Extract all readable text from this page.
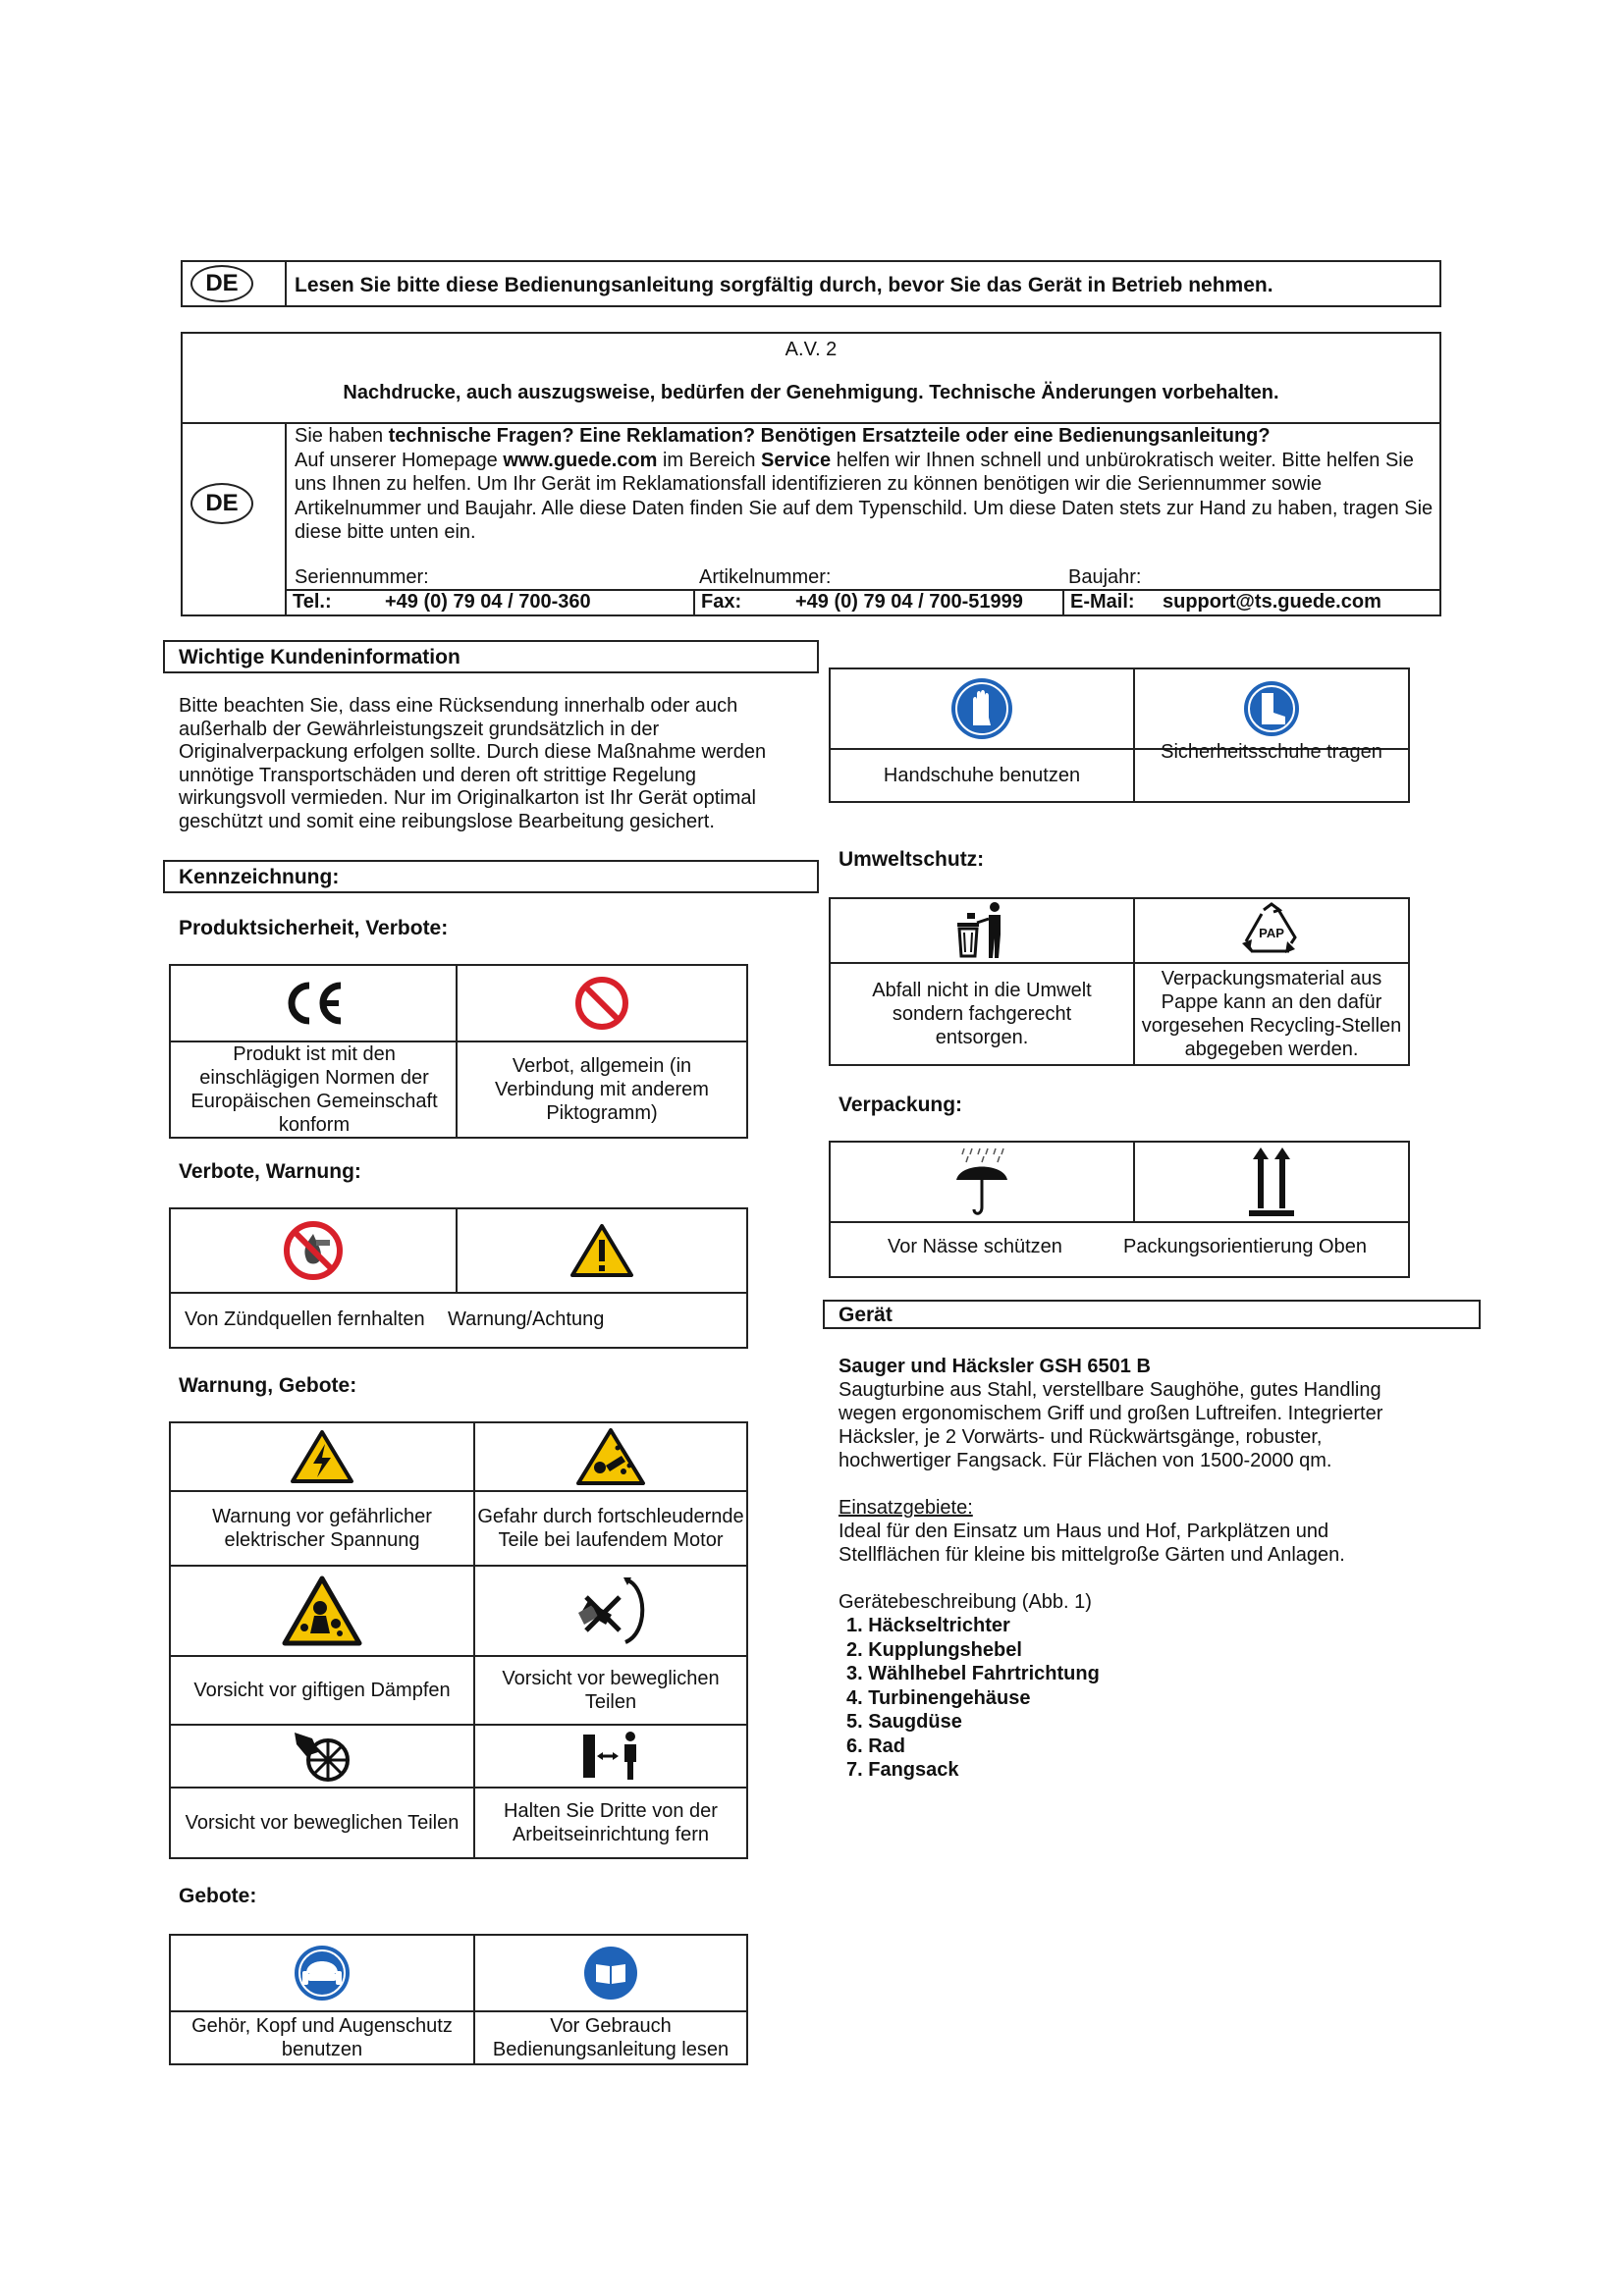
DE	Lesen Sie bitte diese Bedienungsanleitung sorgfältig durch, bevor Sie das Gerät in Betrieb nehmen.
A.V. 2
Nachdrucke, auch auszugsweise, bedürfen der Genehmigung. Technische Änderungen vorbehalten.
DE
Sie haben technische Fragen? Eine Reklamation? Benötigen Ersatzteile oder eine Bedienungsanleitung?
Auf unserer Homepage www.guede.com im Bereich Service helfen wir Ihnen schnell und unbürokratisch weiter. Bitte helfen Sie uns Ihnen zu helfen. Um Ihr Gerät im Reklamationsfall identifizieren zu können benötigen wir die Seriennummer sowie Artikelnummer und Baujahr. Alle diese Daten finden Sie auf dem Typenschild. Um diese Daten stets zur Hand zu haben, tragen Sie diese bitte unten ein.
Seriennummer:	Artikelnummer:	Baujahr:
Tel.:	+49 (0) 79 04 / 700-360	Fax:	+49 (0) 79 04 / 700-51999 E-Mail: support@ts.guede.com
Wichtige Kundeninformation
Bitte beachten Sie, dass eine Rücksendung innerhalb oder auch außerhalb der Gewährleistungszeit grundsätzlich in der Originalverpackung erfolgen sollte. Durch diese Maßnahme werden unnötige Transportschäden und deren oft strittige Regelung wirkungsvoll vermieden. Nur im Originalkarton ist Ihr Gerät optimal geschützt und somit eine reibungslose Bearbeitung gesichert.
Kennzeichnung:
Produktsicherheit, Verbote:
Produkt ist mit den einschlägigen Normen der Europäischen Gemeinschaft konform
Verbot, allgemein (in Verbindung mit anderem Piktogramm)
Verbote, Warnung:
Von Zündquellen fernhalten Warnung/Achtung
Warnung, Gebote:
Warnung vor gefährlicher elektrischer Spannung
Gefahr durch fortschleudernde Teile bei laufendem Motor
Vorsicht vor giftigen Dämpfen
Vorsicht vor beweglichen Teilen
Vorsicht vor beweglichen Teilen
Halten Sie Dritte von der Arbeitseinrichtung fern
Gebote:
Gehör, Kopf und Augenschutz benutzen
Vor Gebrauch Bedienungsanleitung lesen
Handschuhe benutzen
Sicherheitsschuhe tragen
Umweltschutz:
PAP
Abfall nicht in die Umwelt sondern fachgerecht entsorgen.
Verpackungsmaterial aus Pappe kann an den dafür vorgesehen Recycling-Stellen abgegeben werden.
Verpackung:
Vor Nässe schützen	Packungsorientierung Oben
Gerät
Sauger und Häcksler GSH 6501 B
Saugturbine aus Stahl, verstellbare Saughöhe, gutes Handling wegen ergonomischem Griff und großen Luftreifen. Integrierter Häcksler, je 2 Vorwärts- und Rückwärtsgänge, robuster, hochwertiger Fangsack. Für Flächen von 1500-2000 qm.
Einsatzgebiete:
Ideal für den Einsatz um Haus und Hof, Parkplätzen und Stellflächen für kleine bis mittelgroße Gärten und Anlagen.
Gerätebeschreibung (Abb. 1)
1. Häckseltrichter
2. Kupplungshebel
3. Wählhebel Fahrtrichtung
4. Turbinengehäuse
5. Saugdüse
6. Rad
7. Fangsack
